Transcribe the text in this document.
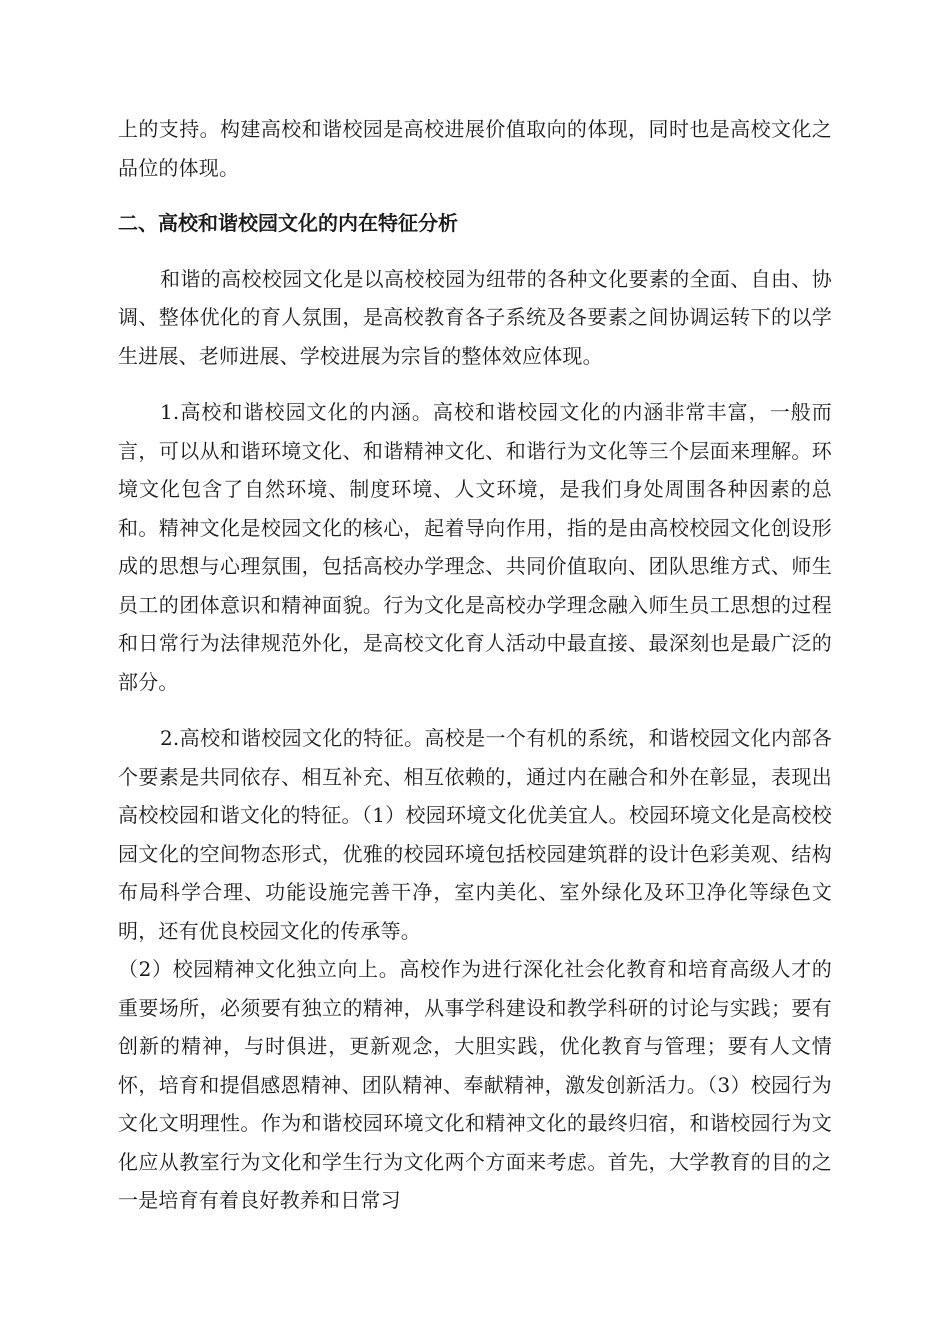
上的支持。构建高校和谐校园是高校进展价值取向的体现，同时也是高校文化之品位的体现。

二、高校和谐校园文化的内在特征分析

和谐的高校校园文化是以高校校园为纽带的各种文化要素的全面、自由、协调、整体优化的育人氛围，是高校教育各子系统及各要素之间协调运转下的以学生进展、老师进展、学校进展为宗旨的整体效应体现。

1.高校和谐校园文化的内涵。高校和谐校园文化的内涵非常丰富，一般而言，可以从和谐环境文化、和谐精神文化、和谐行为文化等三个层面来理解。环境文化包含了自然环境、制度环境、人文环境，是我们身处周围各种因素的总和。精神文化是校园文化的核心，起着导向作用，指的是由高校校园文化创设形成的思想与心理氛围，包括高校办学理念、共同价值取向、团队思维方式、师生员工的团体意识和精神面貌。行为文化是高校办学理念融入师生员工思想的过程和日常行为法律规范外化，是高校文化育人活动中最直接、最深刻也是最广泛的部分。

2.高校和谐校园文化的特征。高校是一个有机的系统，和谐校园文化内部各个要素是共同依存、相互补充、相互依赖的，通过内在融合和外在彰显，表现出高校校园和谐文化的特征。（1）校园环境文化优美宜人。校园环境文化是高校校园文化的空间物态形式，优雅的校园环境包括校园建筑群的设计色彩美观、结构布局科学合理、功能设施完善干净，室内美化、室外绿化及环卫净化等绿色文明，还有优良校园文化的传承等。

（2）校园精神文化独立向上。高校作为进行深化社会化教育和培育高级人才的重要场所，必须要有独立的精神，从事学科建设和教学科研的讨论与实践；要有创新的精神，与时俱进，更新观念，大胆实践，优化教育与管理；要有人文情怀，培育和提倡感恩精神、团队精神、奉献精神，激发创新活力。（3）校园行为文化文明理性。作为和谐校园环境文化和精神文化的最终归宿，和谐校园行为文化应从教室行为文化和学生行为文化两个方面来考虑。首先，大学教育的目的之一是培育有着良好教养和日常习
